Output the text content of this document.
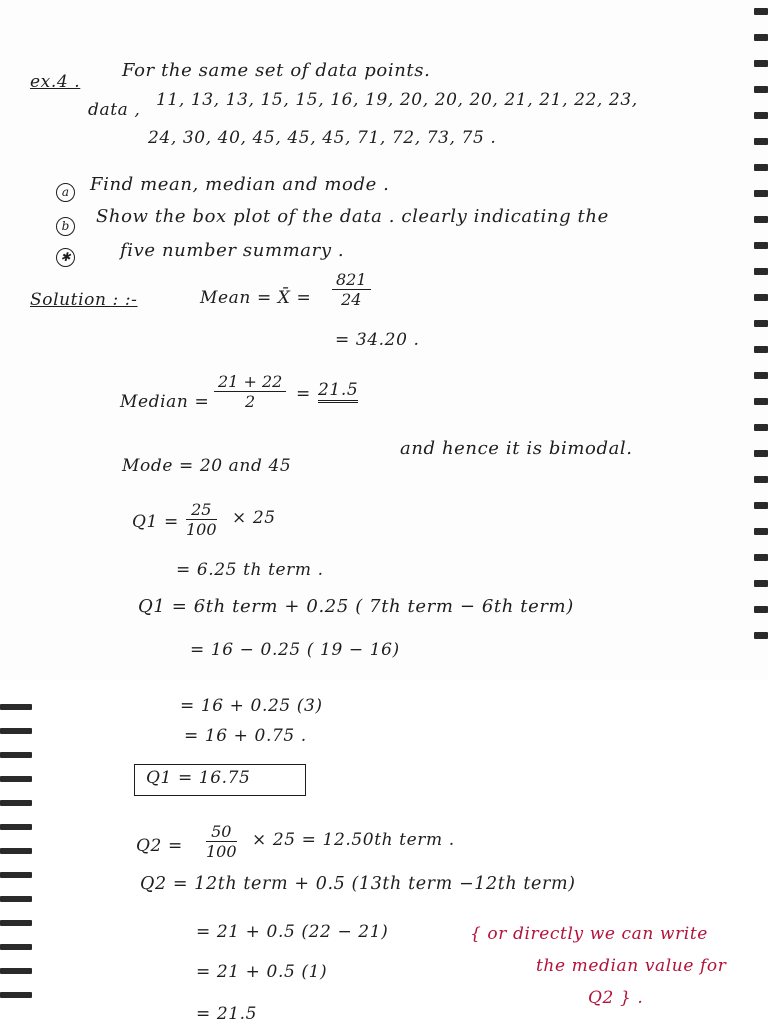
ex.4 .
For the same set of data points.
data , 11, 13, 13, 15, 15, 16, 19, 20, 20, 20, 21, 21, 22, 23,
24, 30, 40, 45, 45, 45, 71, 72, 73, 75 .
a	Find mean, median and mode .
b	Show the box plot of the data . clearly indicating the
✱	five number summary .
Solution : :-	Mean = X̄ = $\frac{821}{24}$
= 34.20 .
Median = $\frac{21 + 22}{2} = 21.5$
Mode = 20 and 45
and hence it is bimodal.
$Q1 = \frac{25}{100} \times 25$
= 6.25 th term .
Q1 = 6th term + 0.25 ( 7th term − 6th term)
= 16 − 0.25 ( 19 − 16)
= 16 + 0.25 (3)
= 16 + 0.75 .
Q1 = 16.75
$Q2 = \frac{50}{100} \times 25 = 12.50th$ term .
Q2 = 12th term + 0.5 (13th term −12th term)
= 21 + 0.5 (22 − 21)
= 21 + 0.5 (1)
= 21.5
{ or directly we can write
the median value for
Q2 } .
